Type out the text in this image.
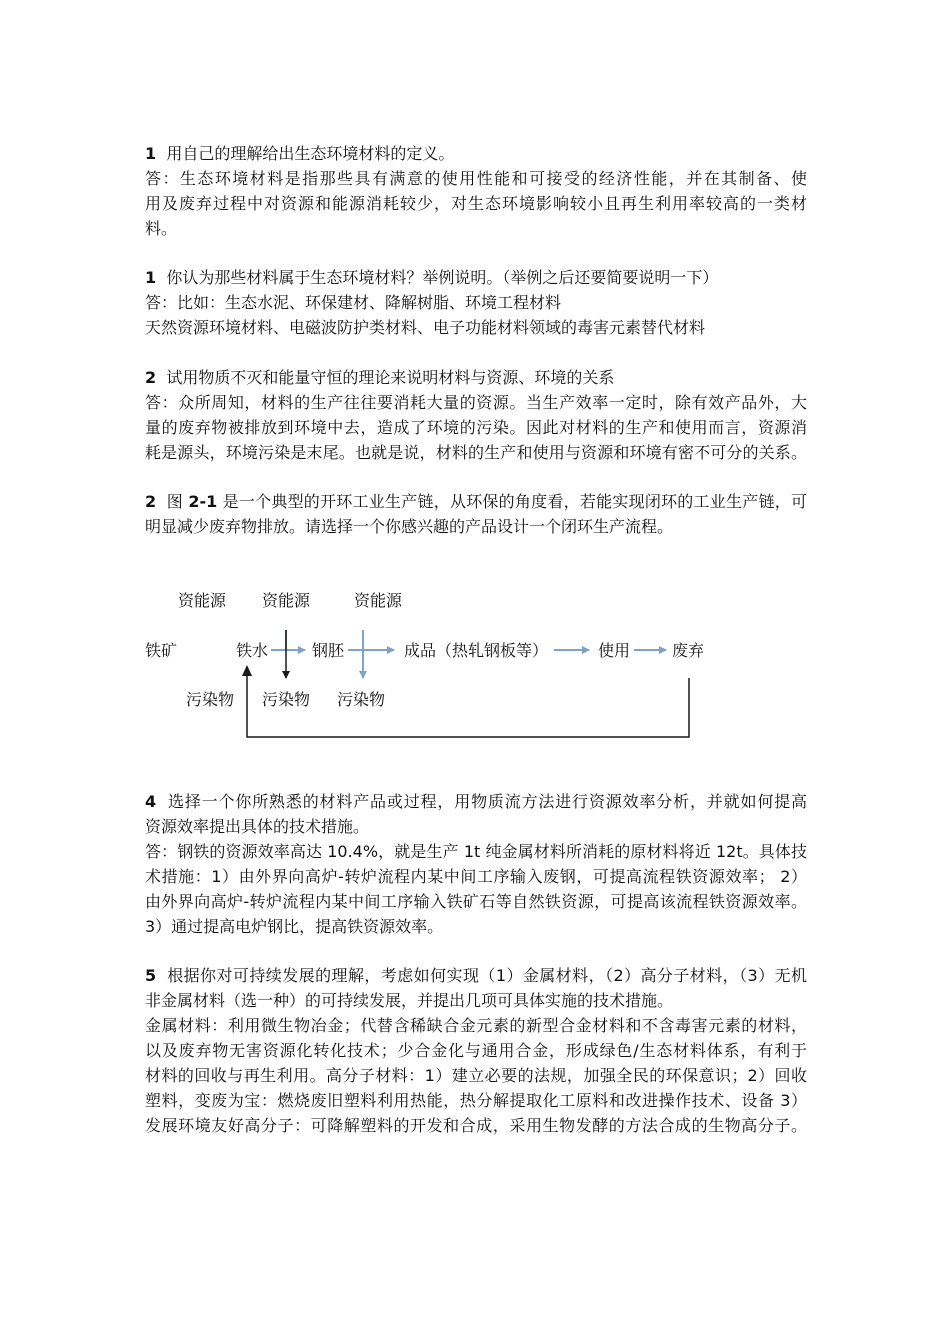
1 用自己的理解给出生态环境材料的定义。
答：生态环境材料是指那些具有满意的使用性能和可接受的经济性能，并在其制备、使
用及废弃过程中对资源和能源消耗较少，对生态环境影响较小且再生利用率较高的一类材
料。
1 你认为那些材料属于生态环境材料？举例说明。（举例之后还要简要说明一下）
答：比如：生态水泥、环保建材、降解树脂、环境工程材料
天然资源环境材料、电磁波防护类材料、电子功能材料领域的毒害元素替代材料
2 试用物质不灭和能量守恒的理论来说明材料与资源、环境的关系
答：众所周知，材料的生产往往要消耗大量的资源。当生产效率一定时，除有效产品外，大
量的废弃物被排放到环境中去，造成了环境的污染。因此对材料的生产和使用而言，资源消
耗是源头，环境污染是末尾。也就是说，材料的生产和使用与资源和环境有密不可分的关系。
2 图 2-1 是一个典型的开环工业生产链，从环保的角度看，若能实现闭环的工业生产链，可
明显减少废弃物排放。请选择一个你感兴趣的产品设计一个闭环生产流程。
资能源 资能源	资能源
铁矿	铁水	钢胚	成品（热轧钢板等）	使用	废弃
污染物 污染物 污染物
4 选择一个你所熟悉的材料产品或过程，用物质流方法进行资源效率分析，并就如何提高
资源效率提出具体的技术措施。
答：钢铁的资源效率高达 10.4%，就是生产 1t 纯金属材料所消耗的原材料将近 12t。具体技
术措施：1）由外界向高炉-转炉流程内某中间工序输入废钢，可提高流程铁资源效率； 2）
由外界向高炉-转炉流程内某中间工序输入铁矿石等自然铁资源，可提高该流程铁资源效率。
3）通过提高电炉钢比，提高铁资源效率。
5 根据你对可持续发展的理解，考虑如何实现（1）金属材料，（2）高分子材料，（3）无机
非金属材料（选一种）的可持续发展，并提出几项可具体实施的技术措施。
金属材料：利用微生物冶金；代替含稀缺合金元素的新型合金材料和不含毒害元素的材料，
以及废弃物无害资源化转化技术；少合金化与通用合金，形成绿色/生态材料体系，有利于
材料的回收与再生利用。高分子材料：1）建立必要的法规，加强全民的环保意识；2）回收
塑料，变废为宝：燃烧废旧塑料利用热能，热分解提取化工原料和改进操作技术、设备 3）
发展环境友好高分子：可降解塑料的开发和合成，采用生物发酵的方法合成的生物高分子。
